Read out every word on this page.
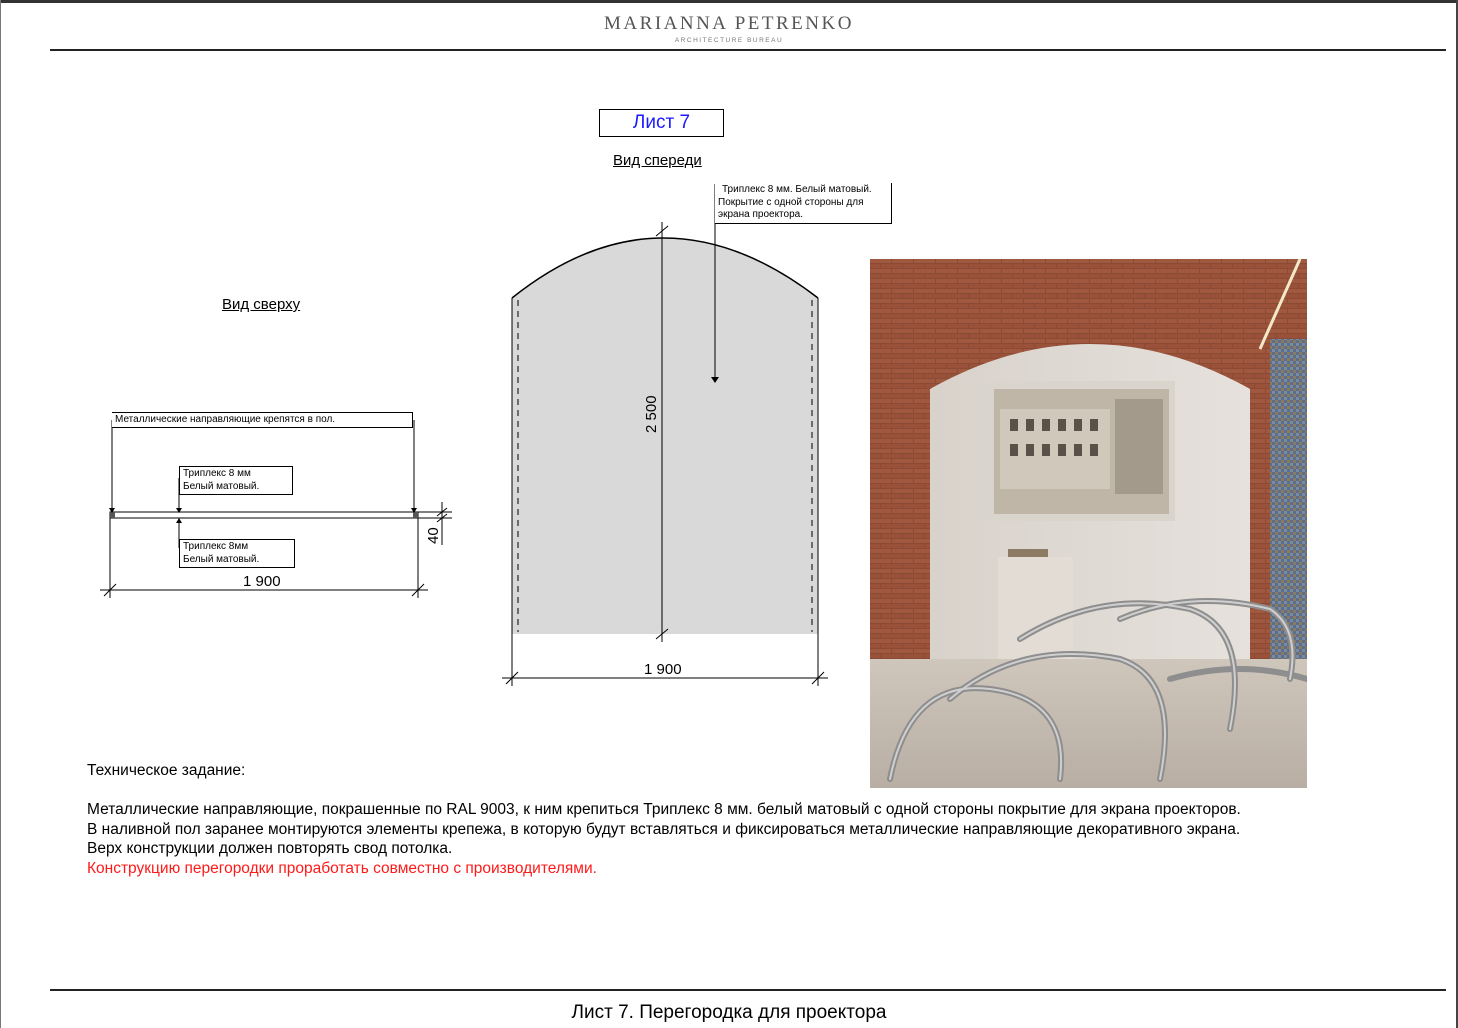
MARIANNA PETRENKO
ARCHITECTURE BUREAU
Лист 7
Вид спереди
Вид сверху
Триплекс 8 мм. Белый матовый.
Покрытие с одной стороны для
экрана проектора.
2 500
1 900
Металлические направляющие крепятся в пол.
Триплекс 8 мм
Белый матовый.
Триплекс 8мм
Белый матовый.
40
1 900
Техническое задание:
Металлические направляющие, покрашенные по RAL 9003, к ним крепиться Триплекс 8 мм. белый матовый с одной стороны покрытие для экрана проекторов.
В наливной пол заранее монтируются элементы крепежа, в которую будут вставляться и фиксироваться металлические направляющие декоративного экрана.
Верх конструкции должен повторять свод потолка.
Конструкцию перегородки проработать совместно с производителями.
Лист 7. Перегородка для проектора
